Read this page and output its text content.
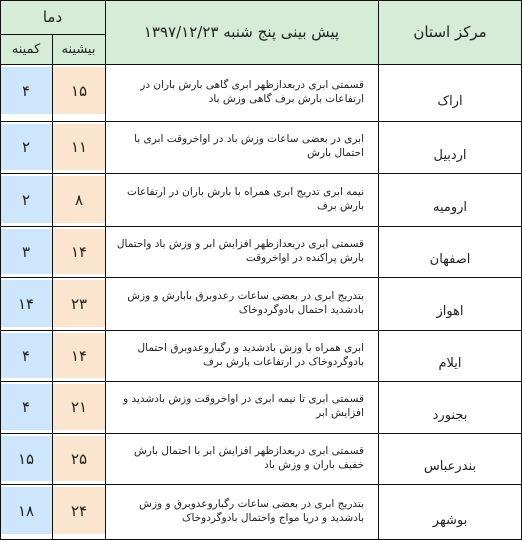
دما
کمینه	بیشینه
پیش بینی پنج شنبه ۱۳۹۷/۱۲/۲۳	مرکز استان
اراک
قسمتی ابری دربعدازظهر ابری گاهی بارش باران در ارتفاعات بارش برف گاهی وزش باد
۱۵
۴
اردبیل
ابری در بعضی ساعات وزش باد در اواخروقت ابری با احتمال بارش
۱۱
۲
ارومیه
نیمه ابری تدریج ابری همراه با بارش باران در ارتفاعات بارش برف
۸
۲
اصفهان
قسمتی ابری دربعدازظهر افزایش ابر و وزش باد واحتمال بارش پراکنده در اواخروقت
۱۴
۳
اهواز
بتدریج ابری در بعضی ساعات رعدوبرق بابارش و وزش بادشدید احتمال بادوگردوخاک
۲۳
۱۴
ایلام
ابری همراه با وزش بادشدید و رگباروعدوبرق احتمال بادوگردوخاک در ارتفاعات بارش برف
۱۴
۴
بجنورد
قسمتی ابری تا نیمه ابری در اواخروقت وزش بادشدید و افزایش ابر
۲۱
۴
بندرعباس
قسمتی ابری دربعدازظهر افزایش ابر با احتمال بارش خفیف باران و وزش باد
۲۵
۱۵
بوشهر
بتدریج ابری در بعضی ساعات رگباروعدوبرق و وزش بادشدید و دریا مواج واحتمال بادوگردوخاک
۲۴
۱۸
